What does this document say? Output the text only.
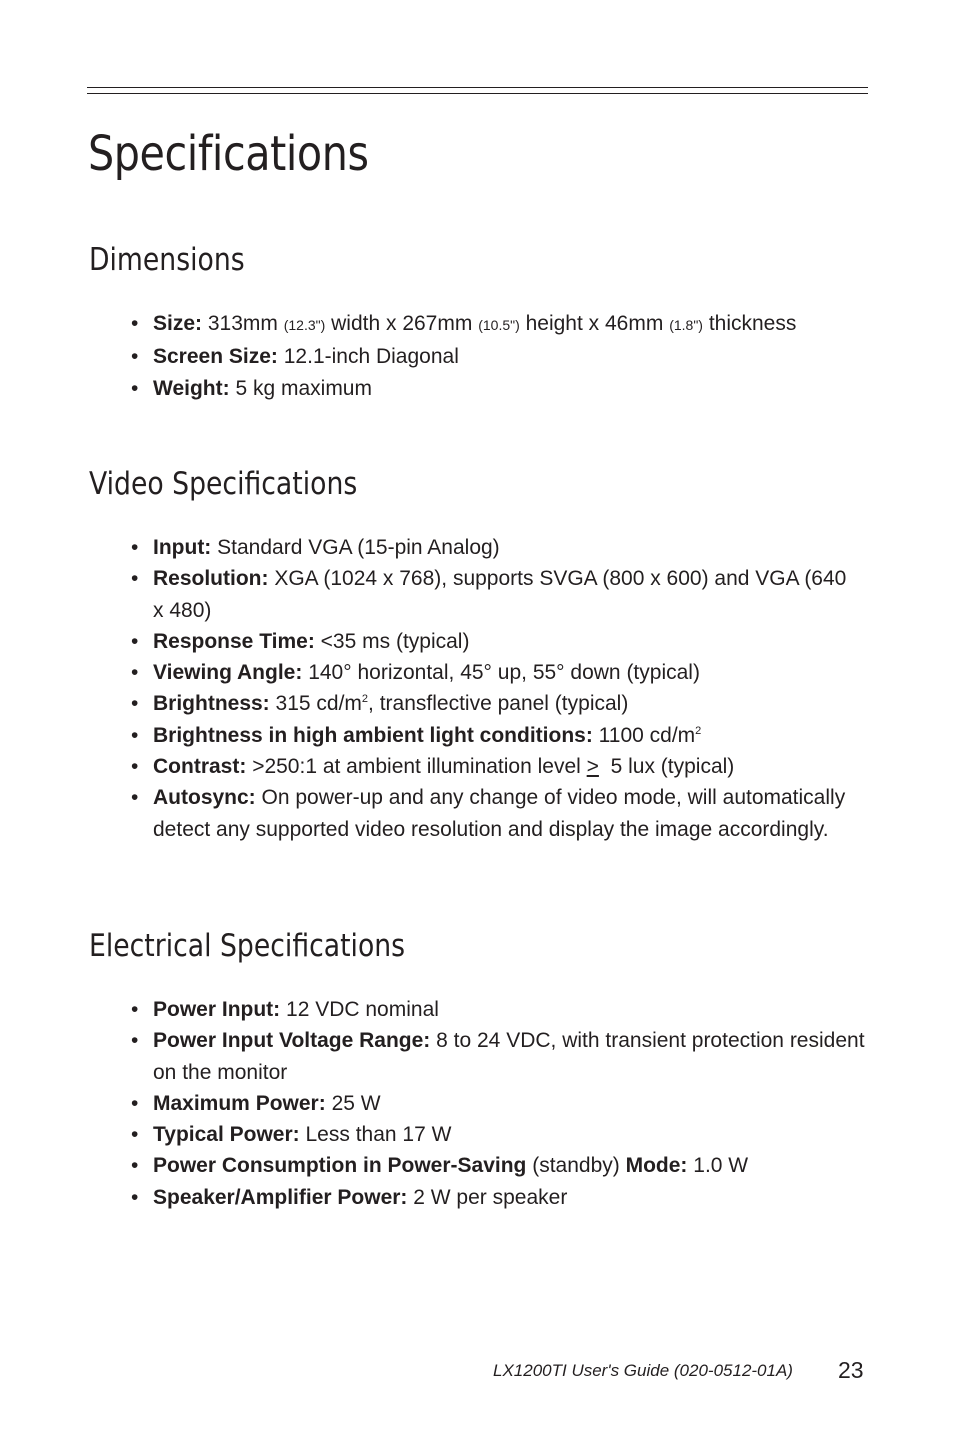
Specifications
Dimensions
• Size: 313mm (12.3") width x 267mm (10.5") height x 46mm (1.8") thickness
• Screen Size: 12.1-inch Diagonal
• Weight: 5 kg maximum
Video Specifications
• Input: Standard VGA (15-pin Analog)
• Resolution: XGA (1024 x 768), supports SVGA (800 x 600) and VGA (640 x 480)
• Response Time: <35 ms (typical)
• Viewing Angle: 140° horizontal, 45° up, 55° down (typical)
• Brightness: 315 $cd/m^2$, transflective panel (typical)
• Brightness in high ambient light conditions: 1100 $cd/m^2$
• Contrast: >250:1 at ambient illumination level ≥ 5 lux (typical)
• Autosync: On power-up and any change of video mode, will automatically detect any supported video resolution and display the image accordingly.
Electrical Specifications
• Power Input: 12 VDC nominal
• Power Input Voltage Range: 8 to 24 VDC, with transient protection resident on the monitor
• Maximum Power: 25 W
• Typical Power: Less than 17 W
• Power Consumption in Power-Saving (standby) Mode: 1.0 W
• Speaker/Amplifier Power: 2 W per speaker
LX1200TI User's Guide (020-0512-01A) 23
